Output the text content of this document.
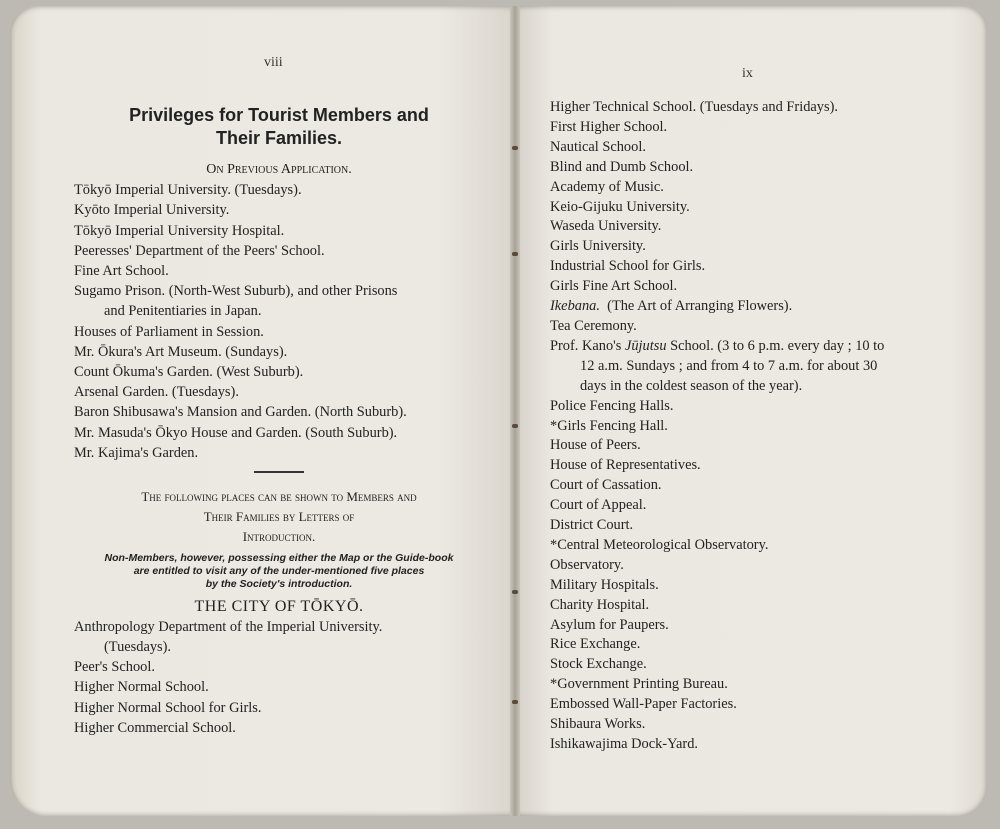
viii
Privileges for Tourist Members and
Their Families.
On Previous Application.
Tōkyō Imperial University. (Tuesdays).
Kyōto Imperial University.
Tōkyō Imperial University Hospital.
Peeresses' Department of the Peers' School.
Fine Art School.
Sugamo Prison. (North-West Suburb), and other Prisons
and Penitentiaries in Japan.
Houses of Parliament in Session.
Mr. Ōkura's Art Museum. (Sundays).
Count Ōkuma's Garden. (West Suburb).
Arsenal Garden. (Tuesdays).
Baron Shibusawa's Mansion and Garden. (North Suburb).
Mr. Masuda's Ōkyo House and Garden. (South Suburb).
Mr. Kajima's Garden.
The following places can be shown to Members and
Their Families by Letters of
Introduction.
Non-Members, however, possessing either the Map or the Guide-book
are entitled to visit any of the under-mentioned five places
by the Society's introduction.
THE CITY OF TŌKYŌ.
Anthropology Department of the Imperial University.
(Tuesdays).
Peer's School.
Higher Normal School.
Higher Normal School for Girls.
Higher Commercial School.
ix
Higher Technical School. (Tuesdays and Fridays).
First Higher School.
Nautical School.
Blind and Dumb School.
Academy of Music.
Keio-Gijuku University.
Waseda University.
Girls University.
Industrial School for Girls.
Girls Fine Art School.
Ikebana. (The Art of Arranging Flowers).
Tea Ceremony.
Prof. Kano's Jūjutsu School. (3 to 6 p.m. every day ; 10 to
12 a.m. Sundays ; and from 4 to 7 a.m. for about 30
days in the coldest season of the year).
Police Fencing Halls.
*Girls Fencing Hall.
House of Peers.
House of Representatives.
Court of Cassation.
Court of Appeal.
District Court.
*Central Meteorological Observatory.
Observatory.
Military Hospitals.
Charity Hospital.
Asylum for Paupers.
Rice Exchange.
Stock Exchange.
*Government Printing Bureau.
Embossed Wall-Paper Factories.
Shibaura Works.
Ishikawajima Dock-Yard.
